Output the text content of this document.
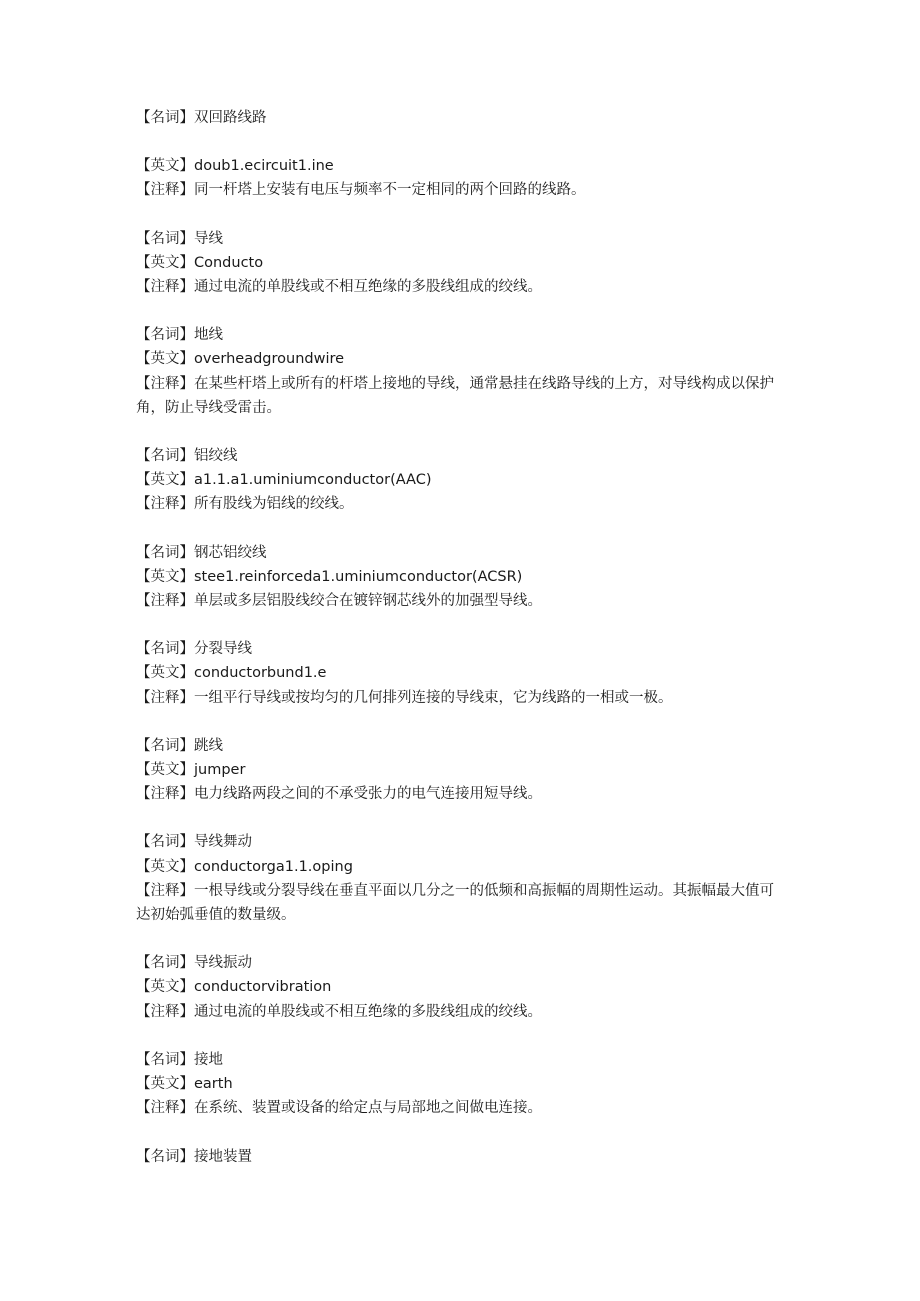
【名词】双回路线路
【英文】doub1.ecircuit1.ine
【注释】同一杆塔上安装有电压与频率不一定相同的两个回路的线路。
【名词】导线
【英文】Conducto
【注释】通过电流的单股线或不相互绝缘的多股线组成的绞线。
【名词】地线
【英文】overheadgroundwire
【注释】在某些杆塔上或所有的杆塔上接地的导线，通常悬挂在线路导线的上方，对导线构成以保护角，防止导线受雷击。
【名词】铝绞线
【英文】a1.1.a1.uminiumconductor(AAC)
【注释】所有股线为铝线的绞线。
【名词】钢芯铝绞线
【英文】stee1.reinforceda1.uminiumconductor(ACSR)
【注释】单层或多层铝股线绞合在镀锌钢芯线外的加强型导线。
【名词】分裂导线
【英文】conductorbund1.e
【注释】一组平行导线或按均匀的几何排列连接的导线束，它为线路的一相或一极。
【名词】跳线
【英文】jumper
【注释】电力线路两段之间的不承受张力的电气连接用短导线。
【名词】导线舞动
【英文】conductorga1.1.oping
【注释】一根导线或分裂导线在垂直平面以几分之一的低频和高振幅的周期性运动。其振幅最大值可达初始弧垂值的数量级。
【名词】导线振动
【英文】conductorvibration
【注释】通过电流的单股线或不相互绝缘的多股线组成的绞线。
【名词】接地
【英文】earth
【注释】在系统、装置或设备的给定点与局部地之间做电连接。
【名词】接地装置
